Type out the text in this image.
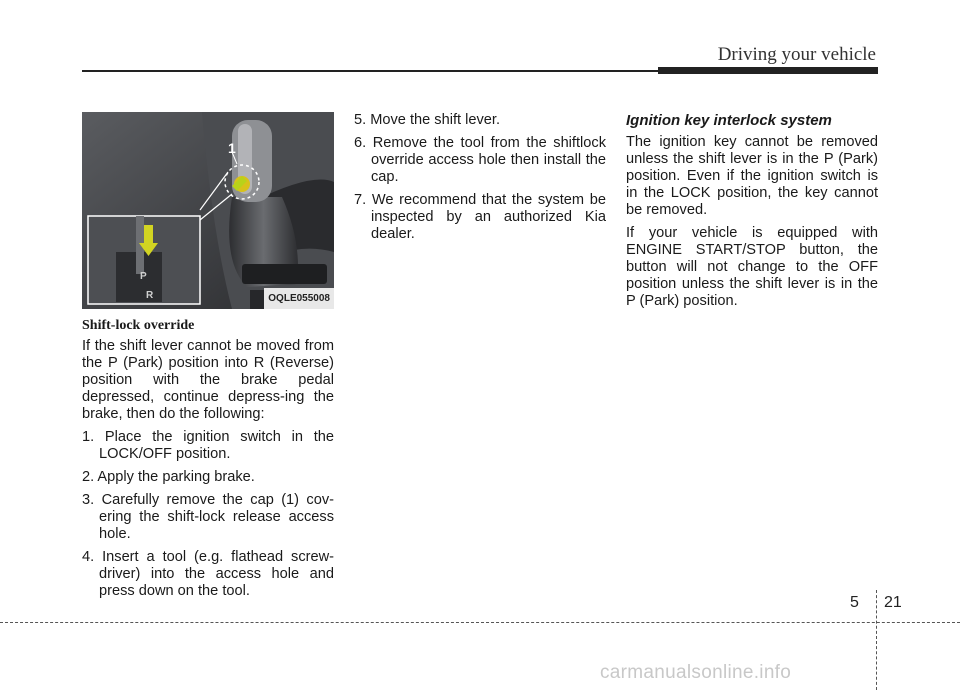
Driving your vehicle
1
P
R	OQLE055008
Shift-lock override

If the shift lever cannot be moved from the P (Park) position into R (Reverse) position with the brake pedal depressed, continue depress-ing the brake, then do the following:

1. Place the ignition switch in the LOCK/OFF position.
2. Apply the parking brake.
3. Carefully remove the cap (1) cov-ering the shift-lock release access hole.
4. Insert a tool (e.g. flathead screw-driver) into the access hole and press down on the tool.
5. Move the shift lever.
6. Remove the tool from the shiftlock override access hole then install the cap.
7. We recommend that the system be inspected by an authorized Kia dealer.
Ignition key interlock system

The ignition key cannot be removed unless the shift lever is in the P (Park) position. Even if the ignition switch is in the LOCK position, the key cannot be removed.

If your vehicle is equipped with ENGINE START/STOP button, the button will not change to the OFF position unless the shift lever is in the P (Park) position.

5 21
carmanualsonline.info
